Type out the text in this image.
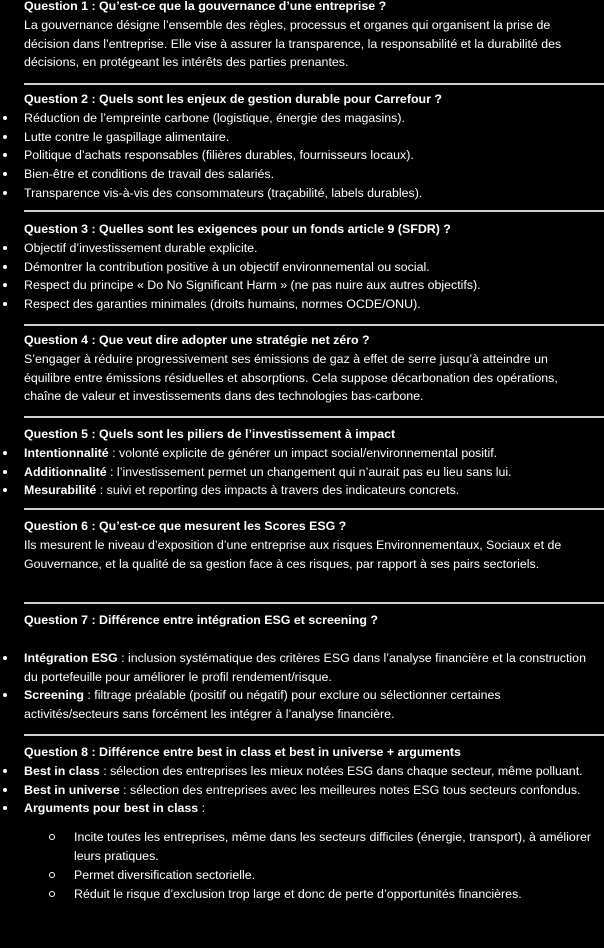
Question 1 : Qu’est-ce que la gouvernance d’une entreprise ?
La gouvernance désigne l’ensemble des règles, processus et organes qui organisent la prise de décision dans l’entreprise. Elle vise à assurer la transparence, la responsabilité et la durabilité des décisions, en protégeant les intérêts des parties prenantes.
Question 2 : Quels sont les enjeux de gestion durable pour Carrefour ?
Réduction de l’empreinte carbone (logistique, énergie des magasins).
Lutte contre le gaspillage alimentaire.
Politique d’achats responsables (filières durables, fournisseurs locaux).
Bien-être et conditions de travail des salariés.
Transparence vis-à-vis des consommateurs (traçabilité, labels durables).
Question 3 : Quelles sont les exigences pour un fonds article 9 (SFDR) ?
Objectif d’investissement durable explicite.
Démontrer la contribution positive à un objectif environnemental ou social.
Respect du principe « Do No Significant Harm » (ne pas nuire aux autres objectifs).
Respect des garanties minimales (droits humains, normes OCDE/ONU).
Question 4 : Que veut dire adopter une stratégie net zéro ?
S’engager à réduire progressivement ses émissions de gaz à effet de serre jusqu’à atteindre un équilibre entre émissions résiduelles et absorptions. Cela suppose décarbonation des opérations, chaîne de valeur et investissements dans des technologies bas-carbone.
Question 5 : Quels sont les piliers de l’investissement à impact
Intentionnalité : volonté explicite de générer un impact social/environnemental positif.
Additionnalité : l’investissement permet un changement qui n’aurait pas eu lieu sans lui.
Mesurabilité : suivi et reporting des impacts à travers des indicateurs concrets.
Question 6 : Qu’est-ce que mesurent les Scores ESG ?
Ils mesurent le niveau d’exposition d’une entreprise aux risques Environnementaux, Sociaux et de Gouvernance, et la qualité de sa gestion face à ces risques, par rapport à ses pairs sectoriels.
Question 7 : Différence entre intégration ESG et screening ?
Intégration ESG : inclusion systématique des critères ESG dans l’analyse financière et la construction du portefeuille pour améliorer le profil rendement/risque.
Screening : filtrage préalable (positif ou négatif) pour exclure ou sélectionner certaines activités/secteurs sans forcément les intégrer à l’analyse financière.
Question 8 : Différence entre best in class et best in universe + arguments
Best in class : sélection des entreprises les mieux notées ESG dans chaque secteur, même polluant.
Best in universe : sélection des entreprises avec les meilleures notes ESG tous secteurs confondus.
Arguments pour best in class :
Incite toutes les entreprises, même dans les secteurs difficiles (énergie, transport), à améliorer leurs pratiques.
Permet diversification sectorielle.
Réduit le risque d’exclusion trop large et donc de perte d’opportunités financières.
